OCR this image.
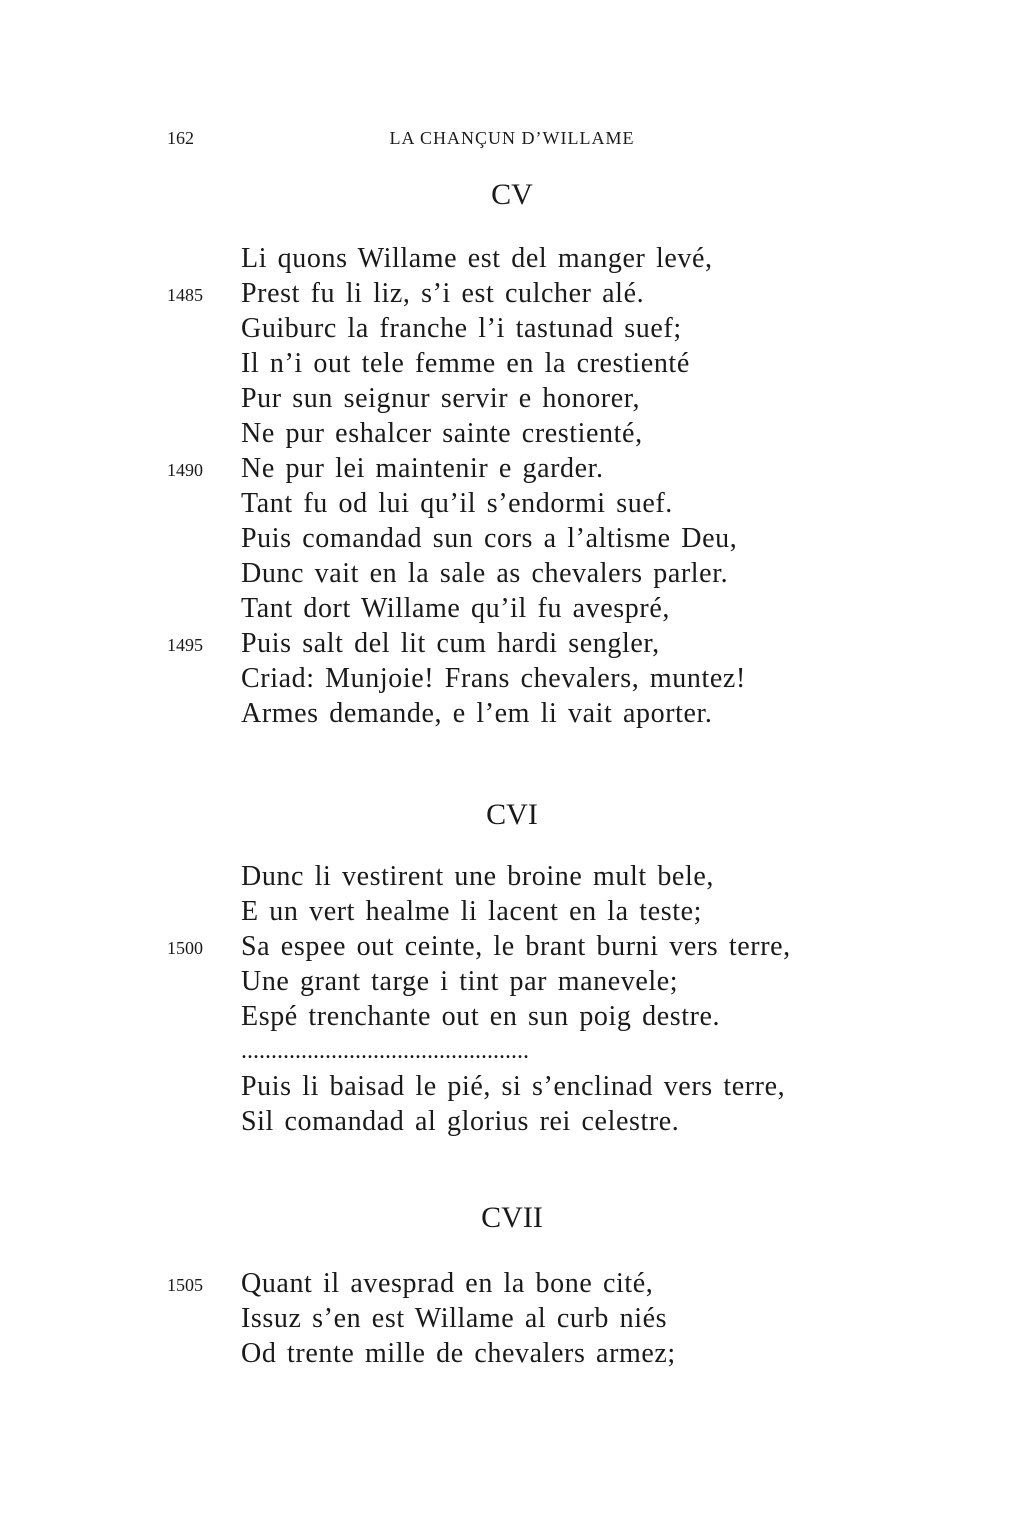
162	LA CHANÇUN D’WILLAME
CV
Li quons Willame est del manger levé,
1485 Prest fu li liz, s’i est culcher alé.
Guiburc la franche l’i tastunad suef;
Il n’i out tele femme en la crestienté
Pur sun seignur servir e honorer,
Ne pur eshalcer sainte crestienté,
1490 Ne pur lei maintenir e garder.
Tant fu od lui qu’il s’endormi suef.
Puis comandad sun cors a l’altisme Deu,
Dunc vait en la sale as chevalers parler.
Tant dort Willame qu’il fu avespré,
1495 Puis salt del lit cum hardi sengler,
Criad: Munjoie! Frans chevalers, muntez!
Armes demande, e l’em li vait aporter.
CVI
Dunc li vestirent une broine mult bele,
E un vert healme li lacent en la teste;
1500 Sa espee out ceinte, le brant burni vers terre,
Une grant targe i tint par manevele;
Espé trenchante out en sun poig destre.
................................................
Puis li baisad le pié, si s’enclinad vers terre,
Sil comandad al glorius rei celestre.
CVII
1505 Quant il avesprad en la bone cité,
Issuz s’en est Willame al curb niés
Od trente mille de chevalers armez;
